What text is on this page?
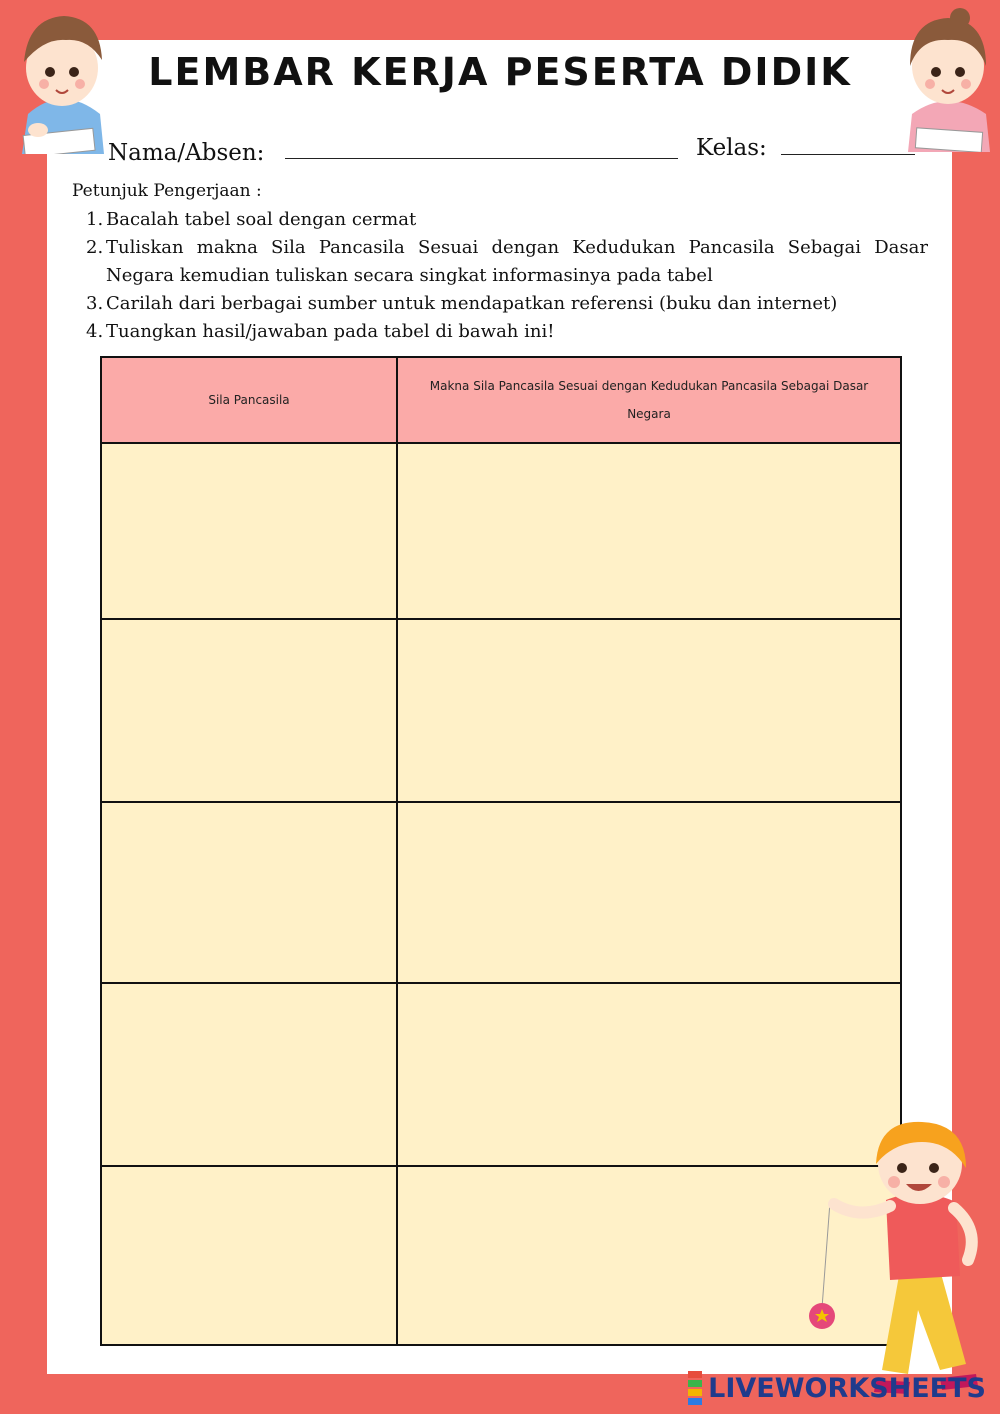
LEMBAR KERJA PESERTA DIDIK
Nama/Absen:	Kelas:
Petunjuk Pengerjaan :
1. Bacalah tabel soal dengan cermat
2. Tuliskan makna Sila Pancasila Sesuai dengan Kedudukan Pancasila Sebagai Dasar Negara kemudian tuliskan secara singkat informasinya pada tabel
3. Carilah dari berbagai sumber untuk mendapatkan referensi (buku dan internet)
4. Tuangkan hasil/jawaban pada tabel di bawah ini!
Sila Pancasila	Makna Sila Pancasila Sesuai dengan Kedudukan Pancasila Sebagai Dasar Negara

LIVEWORKSHEETS
